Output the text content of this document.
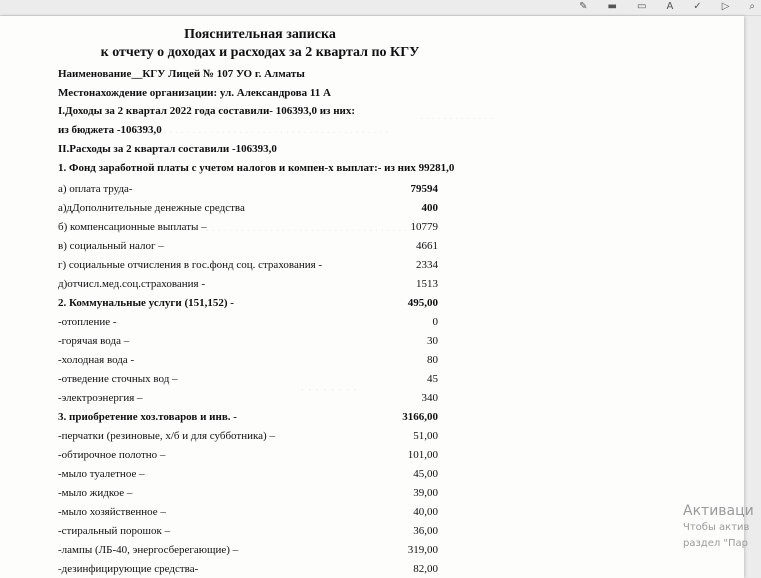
✎ ▬ ▭ A ✓ ▷ ⌕
· · · · · · · · · · · · ·
· · · · · · · · · · · · · · · · · · · · · · · · · · · · · · · · · · · · · · · · · · ·
· · · · · · · · · · · · · · · · · · · · · · · · · · · · · · · · · · · ·
· · · · · · · ·
Пояснительная записка
к отчету о доходах и расходах за 2 квартал по КГУ
Наименование__КГУ Лицей № 107 УО г. Алматы
Местонахождение организации: ул. Александрова 11 А
I.Доходы за 2 квартал 2022 года составили- 106393,0 из них:
из бюджета -106393,0
II.Расходы за 2 квартал составили -106393,0
1. Фонд заработной платы с учетом налогов и компен-х выплат:- из них 99281,0
а) оплата труда-	79594
а)дДополнительные денежные средства	400
б) компенсационные выплаты –	10779
в) социальный налог –	4661
г) социальные отчисления в гос.фонд соц. страхования -	2334
д)отчисл.мед.соц.страхования -	1513
2. Коммунальные услуги (151,152) -	495,00
-отопление -	0
-горячая вода –	30
-холодная вода -	80
-отведение сточных вод –	45
-электроэнергия –	340
3. приобретение хоз.товаров и инв. -	3166,00
-перчатки (резиновые, х/б и для субботника) –	51,00
-обтирочное полотно –	101,00
-мыло туалетное –	45,00
-мыло жидкое –	39,00
-мыло хозяйственное –	40,00
-стиральный порошок –	36,00
-лампы (ЛБ-40, энергосберегающие) –	319,00
-дезинфицирующие средства-	82,00
Активаци
Чтобы актив
раздел "Пар
